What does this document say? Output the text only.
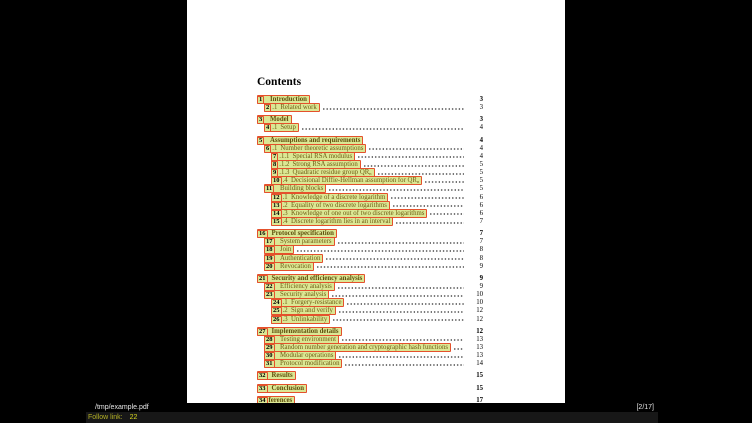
Contents
1	Introduction	3
2 .1 Related work	3
3	Model	3
4 .1 Setup	4
5	Assumptions and requirements	4
6 .1 Number theoretic assumptions	4
7 .1.1 Special RSA modulus	4
8 .1.2 Strong RSA assumption	5
9 .1.3 Quadratic residue group $QR_n$	5
10 .4 Decisional Diffie-Hellman assumption for $QR_n$	5
11	Building blocks	5
12 .1 Knowledge of a discrete logarithm	6
13 .2 Equality of two discrete logarithms	6
14 .3 Knowledge of one out of two discrete logarithms	6
15 .4 Discrete logarithm lies in an interval	7
16 Protocol specification	7
17	System parameters	7
18	Join	8
19	Authentication	8
20	Revocation	9
21 Security and efficiency analysis	9
22	Efficiency analysis	9
23	Security analysis	10
24 .1 Forgery-resistance	10
25 .2 Sign and verify	12
26 .3 Unlinkability	12
27 Implementation details	12
28	Testing environment	13
29	Random number generation and cryptographic hash functions	13
30	Modular operations	13
31	Protocol modification	14
32 Results	15
33 Conclusion	15
34 ferences	17
/tmp/example.pdf	[2/17]
Follow link: 22
